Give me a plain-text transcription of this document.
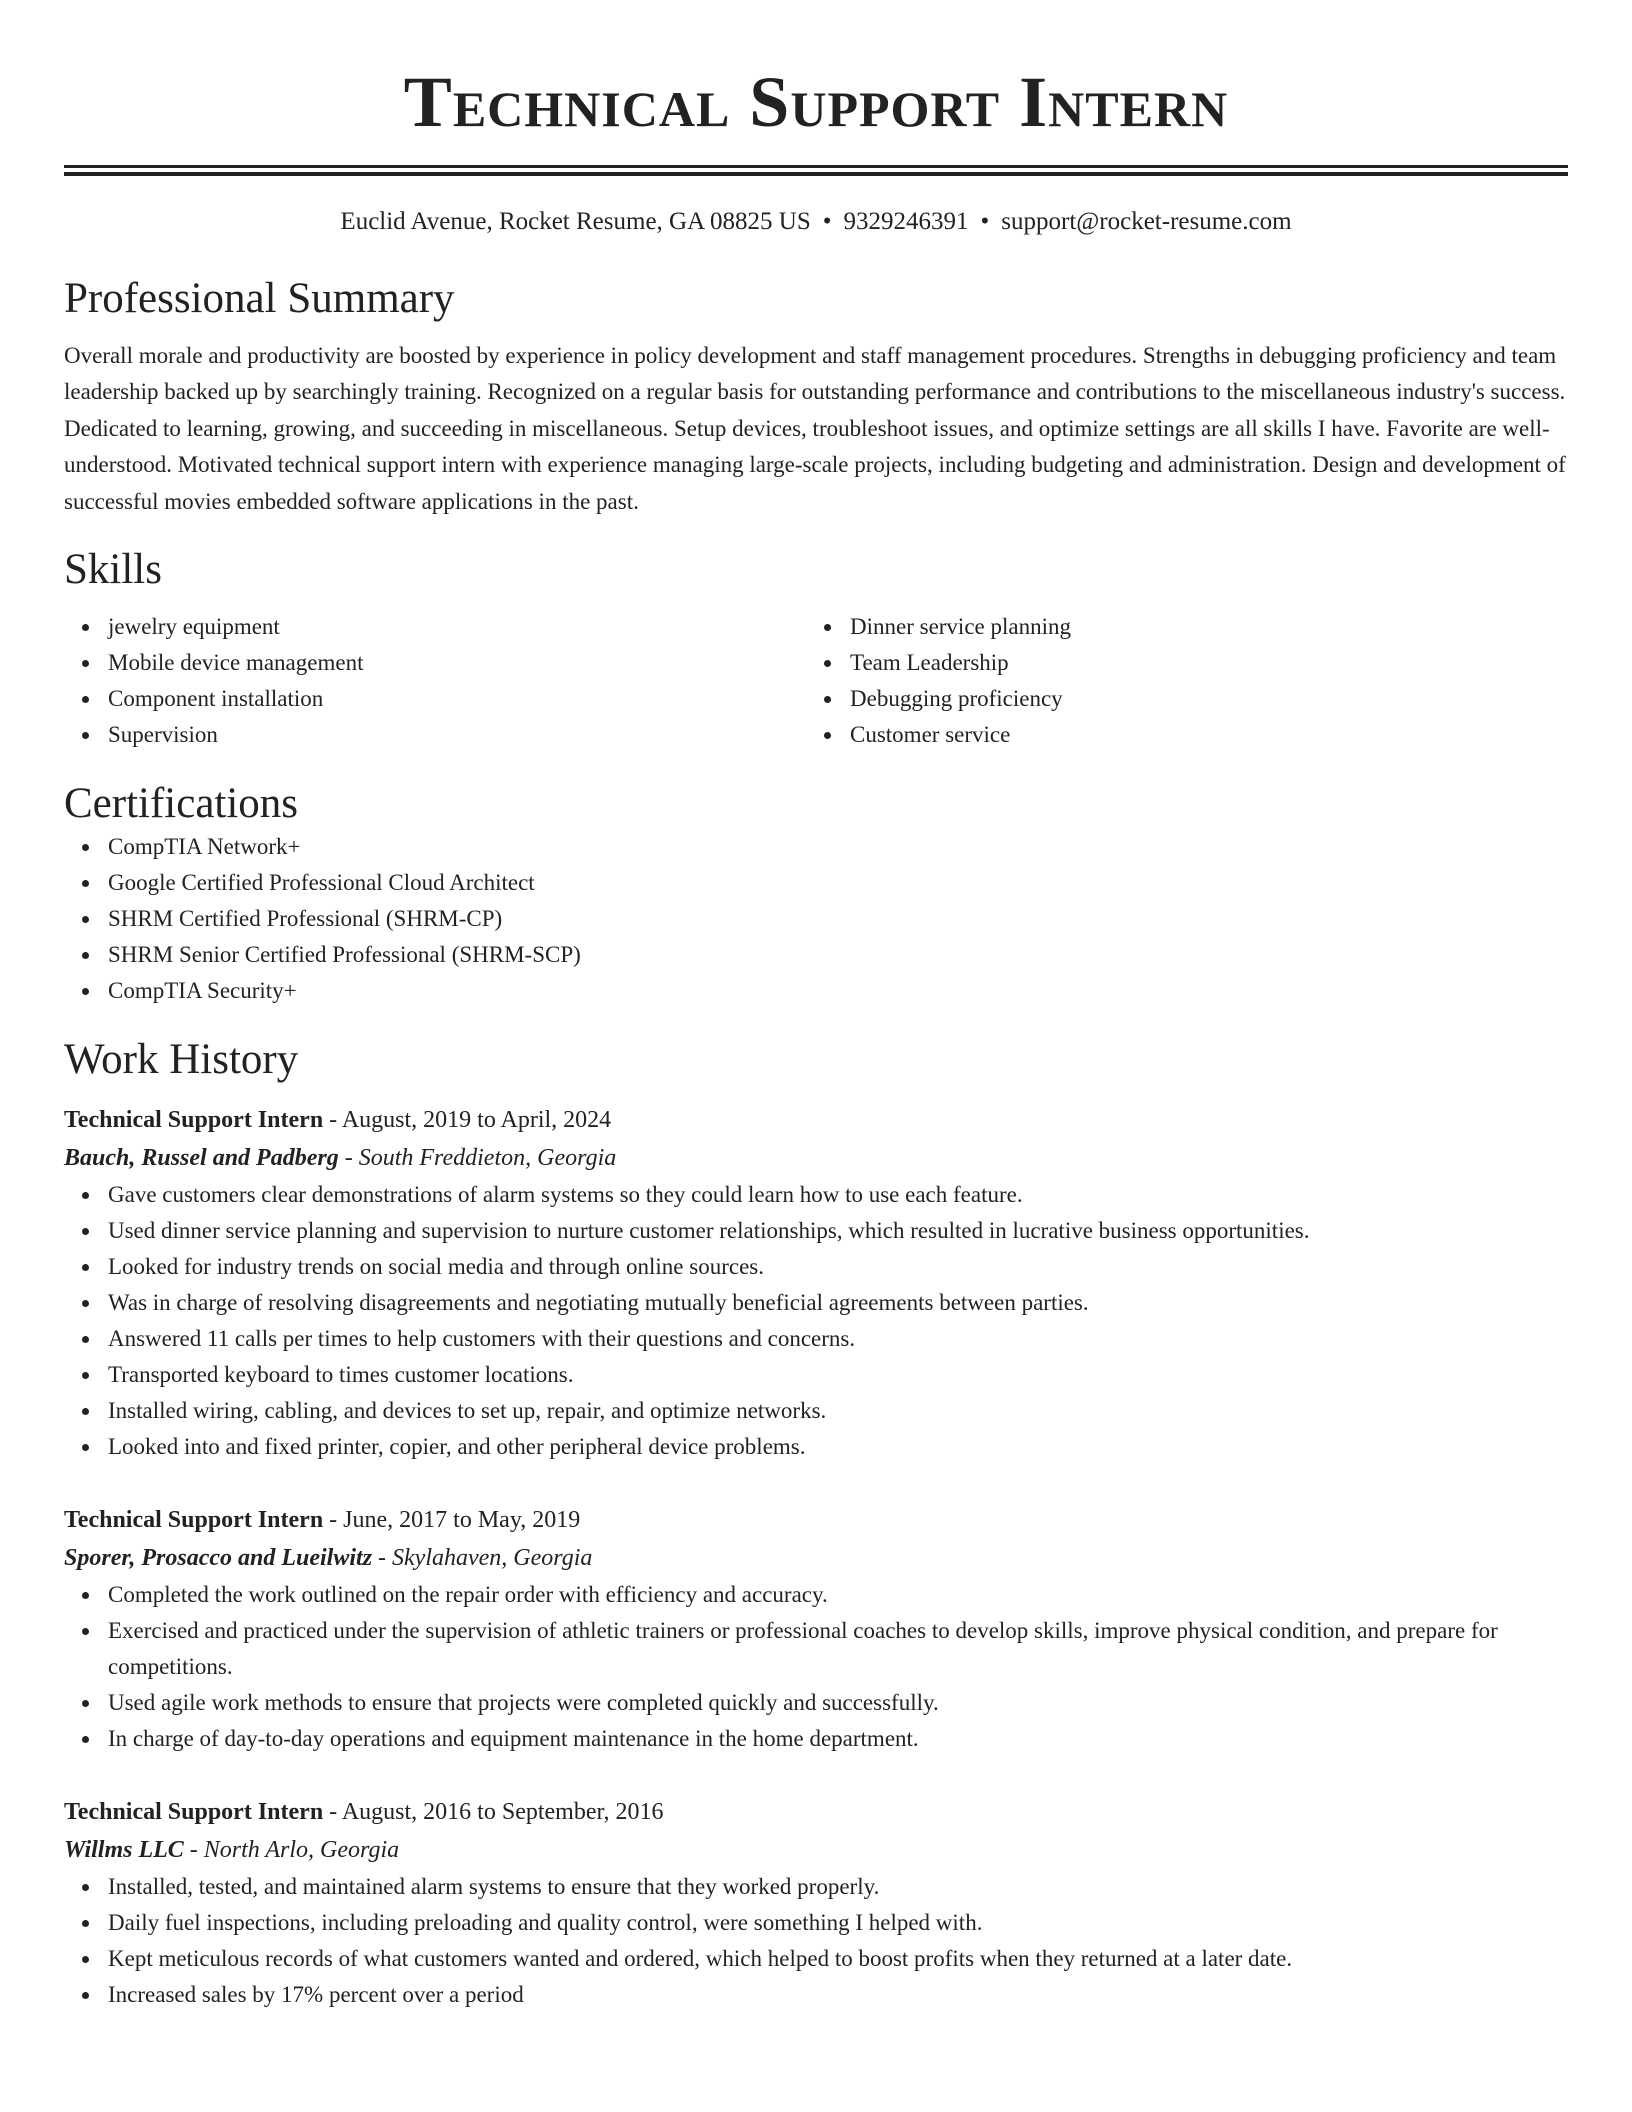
Technical Support Intern
Euclid Avenue, Rocket Resume, GA 08825 US • 9329246391 • support@rocket-resume.com
Professional Summary
Overall morale and productivity are boosted by experience in policy development and staff management procedures. Strengths in debugging proficiency and team leadership backed up by searchingly training. Recognized on a regular basis for outstanding performance and contributions to the miscellaneous industry's success. Dedicated to learning, growing, and succeeding in miscellaneous. Setup devices, troubleshoot issues, and optimize settings are all skills I have. Favorite are well-understood. Motivated technical support intern with experience managing large-scale projects, including budgeting and administration. Design and development of successful movies embedded software applications in the past.
Skills
jewelry equipment
Mobile device management
Component installation
Supervision
Dinner service planning
Team Leadership
Debugging proficiency
Customer service
Certifications
CompTIA Network+
Google Certified Professional Cloud Architect
SHRM Certified Professional (SHRM-CP)
SHRM Senior Certified Professional (SHRM-SCP)
CompTIA Security+
Work History
Technical Support Intern - August, 2019 to April, 2024
Bauch, Russel and Padberg - South Freddieton, Georgia
Gave customers clear demonstrations of alarm systems so they could learn how to use each feature.
Used dinner service planning and supervision to nurture customer relationships, which resulted in lucrative business opportunities.
Looked for industry trends on social media and through online sources.
Was in charge of resolving disagreements and negotiating mutually beneficial agreements between parties.
Answered 11 calls per times to help customers with their questions and concerns.
Transported keyboard to times customer locations.
Installed wiring, cabling, and devices to set up, repair, and optimize networks.
Looked into and fixed printer, copier, and other peripheral device problems.
Technical Support Intern - June, 2017 to May, 2019
Sporer, Prosacco and Lueilwitz - Skylahaven, Georgia
Completed the work outlined on the repair order with efficiency and accuracy.
Exercised and practiced under the supervision of athletic trainers or professional coaches to develop skills, improve physical condition, and prepare for competitions.
Used agile work methods to ensure that projects were completed quickly and successfully.
In charge of day-to-day operations and equipment maintenance in the home department.
Technical Support Intern - August, 2016 to September, 2016
Willms LLC - North Arlo, Georgia
Installed, tested, and maintained alarm systems to ensure that they worked properly.
Daily fuel inspections, including preloading and quality control, were something I helped with.
Kept meticulous records of what customers wanted and ordered, which helped to boost profits when they returned at a later date.
Increased sales by 17% percent over a period
